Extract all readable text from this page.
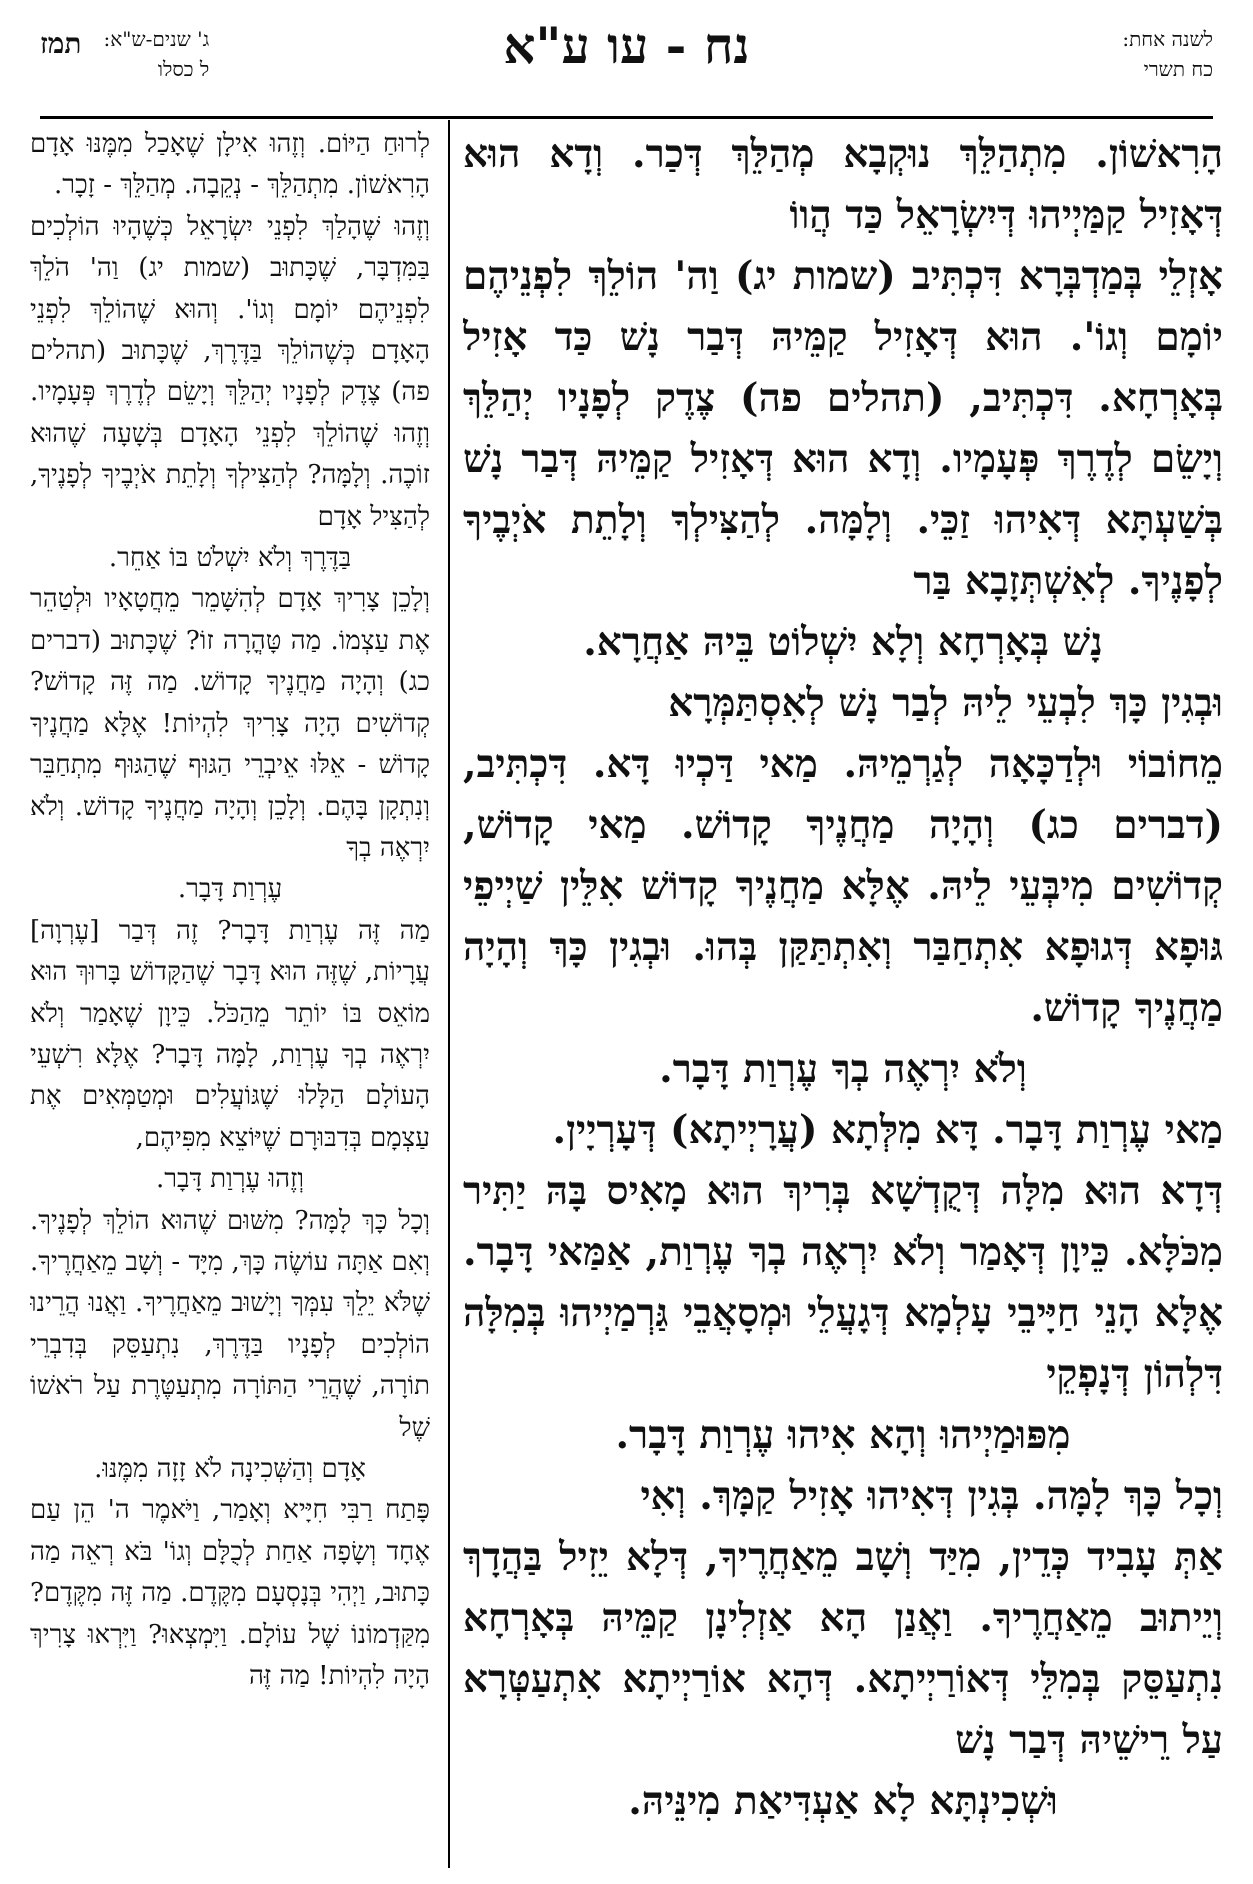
לשנה אחת:
כח תשרי
נח - עו ע"א
ג' שנים-ש"א:
ל כסלו
תמז

הָרִאשׁוֹן. מִתְהַלֵּךְ נוּקְבָא מְהַלֵּךְ דְּכַר. וְדָא הוּא דְּאָזִיל קַמַּיְיהוּ דְּיִשְׂרָאֵל כַּד הֲווֹ

אָזְלֵי בְּמַדְבְּרָא דִּכְתִּיב (שמות יג) וַה' הוֹלֵךְ לִפְנֵיהֶם יוֹמָם וְגוֹ'. הוּא דְּאָזִיל קַמֵּיהּ דְּבַר נָשׁ כַּד אָזִיל בְּאָרְחָא. דִּכְתִּיב, (תהלים פה) צֶדֶק לְפָנָיו יְהַלֵּךְ וְיָשֵׂם לְדֶרֶךְ פְּעָמָיו. וְדָא הוּא דְּאָזִיל קַמֵּיהּ דְּבַר נָשׁ בְּשַׁעְתָּא דְּאִיהוּ זַכֵּי. וְלָמָּה. לְהַצִּילְךָ וְלָתֵת אֹיְבֶיךָ לְפָנֶיךָ. לְאִשְׁתְּזָבָא בַּר

נָשׁ בְּאָרְחָא וְלָא יִשְׁלוֹט בֵּיהּ אַחֲרָא.

וּבְגִין כָּךְ לִבְעֵי לֵיהּ לְבַר נָשׁ לְאִסְתַּמְּרָא

מֵחוֹבוֹי וּלְדַכָּאָה לְגַרְמֵיהּ. מַאי דַּכְיוּ דָּא. דִּכְתִּיב, (דברים כג) וְהָיָה מַחֲנֶיךָ קָדוֹשׁ. מַאי קָדוֹשׁ, קְדוֹשִׁים מִיבְּעֵי לֵיהּ. אֶלָּא מַחֲנֶיךָ קָדוֹשׁ אִלֵּין שַׁיְיפֵי גּוּפָא דְּגוּפָא אִתְחַבַּר וְאִתְתַּקַּן בְּהוּ. וּבְגִין כָּךְ וְהָיָה מַחֲנֶיךָ קָדוֹשׁ.

וְלֹא יִרְאֶה בְךָ עֶרְוַת דָּבָר.

מַאי עֶרְוַת דָּבָר. דָּא מִלְּתָא (עֲרָיְיתָא) דְּעָרְיָין.

דְּדָא הוּא מִלָּה דְּקֻדְשָׁא בְּרִיךְ הוּא מָאִיס בָּהּ יַתִּיר מִכֹּלָּא. כֵּיוָן דְּאָמַר וְלֹא יִרְאֶה בְךָ עֶרְוַת, אַמַּאי דָּבָר. אֶלָּא הָנֵי חַיָּיבֵי עָלְמָא דְּגָעֲלֵי וּמְסָאֲבֵי גַּרְמַיְיהוּ בְּמִלָּה דִּלְהוֹן דְּנָפְקֵי

מִפּוּמַיְיהוּ וְהָא אִיהוּ עֶרְוַת דָּבָר.

וְכָל כָּךְ לָמָּה. בְּגִין דְּאִיהוּ אָזִיל קַמָּךְ. וְאִי

אַתְּ עָבִיד כְּדֵין, מִיַּד וְשָׁב מֵאַחֲרֶיךָ, דְּלָא יֵזִיל בַּהֲדָךְ וְיֵיתוּב מֵאַחֲרֶיךָ. וַאֲנַן הָא אַזְלִינָן קַמֵּיהּ בְּאָרְחָא נִתְעַסֵּק בְּמִלֵּי דְּאוֹרַיְיתָא. דְּהָא אוֹרַיְיתָא אִתְעַטְּרָא עַל רֵישֵׁיהּ דְּבַר נָשׁ

וּשְׁכִינְתָּא לָא אַעְדִּיאַת מִינֵּיהּ.

לְרוּחַ הַיּוֹם. וְזֶהוּ אִילָן שֶׁאָכַל מִמֶּנּוּ אָדָם הָרִאשׁוֹן. מִתְהַלֵּךְ - נְקֵבָה. מְהַלֵּךְ - זָכָר.

וְזֶהוּ שֶׁהָלַךְ לִפְנֵי יִשְׂרָאֵל כְּשֶׁהָיוּ הוֹלְכִים בַּמִּדְבָּר, שֶׁכָּתוּב (שמות יג) וַה' הֹלֵךְ לִפְנֵיהֶם יוֹמָם וְגוֹ'. וְהוּא שֶׁהוֹלֵךְ לִפְנֵי הָאָדָם כְּשֶׁהוֹלֵךְ בַּדֶּרֶךְ, שֶׁכָּתוּב (תהלים פה) צֶדֶק לְפָנָיו יְהַלֵּךְ וְיָשֵׂם לְדֶרֶךְ פְּעָמָיו. וְזֶהוּ שֶׁהוֹלֵךְ לִפְנֵי הָאָדָם בְּשָׁעָה שֶׁהוּא זוֹכֶה. וְלָמָּה? לְהַצִּילְךָ וְלָתֵת אֹיְבֶיךָ לְפָנֶיךָ, לְהַצִּיל אָדָם

בַּדֶּרֶךְ וְלֹא יִשְׁלֹט בּוֹ אַחֵר.

וְלָכֵן צָרִיךְ אָדָם לְהִשָּׁמֵר מֵחֲטָאָיו וּלְטַהֵר אֶת עַצְמוֹ. מַה טָּהֳרָה זוֹ? שֶׁכָּתוּב (דברים כג) וְהָיָה מַחֲנֶיךָ קָדוֹשׁ. מַה זֶּה קָדוֹשׁ? קְדוֹשִׁים הָיָה צָרִיךְ לִהְיוֹת! אֶלָּא מַחֲנֶיךָ קָדוֹשׁ - אֵלּוּ אֵיבְרֵי הַגּוּף שֶׁהַגּוּף מִתְחַבֵּר וְנִתְקָן בָּהֶם. וְלָכֵן וְהָיָה מַחֲנֶיךָ קָדוֹשׁ. וְלֹא יִרְאֶה בְךָ

עֶרְוַת דָּבָר.

מַה זֶּה עֶרְוַת דָּבָר? זֶה דְּבַר [עֶרְוָה] עֲרָיוֹת, שֶׁזֶּה הוּא דָּבָר שֶׁהַקָּדוֹשׁ בָּרוּךְ הוּא מוֹאֵס בּוֹ יוֹתֵר מֵהַכֹּל. כֵּיוָן שֶׁאָמַר וְלֹא יִרְאֶה בְךָ עֶרְוַת, לָמָּה דָּבָר? אֶלָּא רִשְׁעֵי הָעוֹלָם הַלָּלוּ שֶׁגּוֹעֲלִים וּמְטַמְּאִים אֶת עַצְמָם בְּדִבּוּרָם שֶׁיּוֹצֵא מִפִּיהֶם,

וְזֶהוּ עֶרְוַת דָּבָר.

וְכָל כָּךְ לָמָּה? מִשּׁוּם שֶׁהוּא הוֹלֵךְ לְפָנֶיךָ. וְאִם אַתָּה עוֹשֶׂה כָּךְ, מִיָּד - וְשָׁב מֵאַחֲרֶיךָ. שֶׁלֹּא יֵלֵךְ עִמְּךָ וְיָשׁוּב מֵאַחֲרֶיךָ. וַאֲנוּ הֲרֵינוּ הוֹלְכִים לְפָנָיו בַּדֶּרֶךְ, נִתְעַסֵּק בְּדִבְרֵי תוֹרָה, שֶׁהֲרֵי הַתּוֹרָה מִתְעַטֶּרֶת עַל רֹאשׁוֹ שֶׁל

אָדָם וְהַשְּׁכִינָה לֹא זָזָה מִמֶּנּוּ.

פָּתַח רַבִּי חִיָּיא וְאָמַר, וַיֹּאמֶר ה' הֵן עַם אֶחָד וְשָׂפָה אַחַת לְכֻלָּם וְגוֹ' בֹּא רְאֵה מַה כָּתוּב, וַיְהִי בְּנָסְעָם מִקֶּדֶם. מַה זֶּה מִקֶּדֶם? מִקַּדְמוֹנוֹ שֶׁל עוֹלָם. וַיִּמְצְאוּ? וַיִּרְאוּ צָרִיךְ הָיָה לִהְיוֹת! מַה זֶּה
